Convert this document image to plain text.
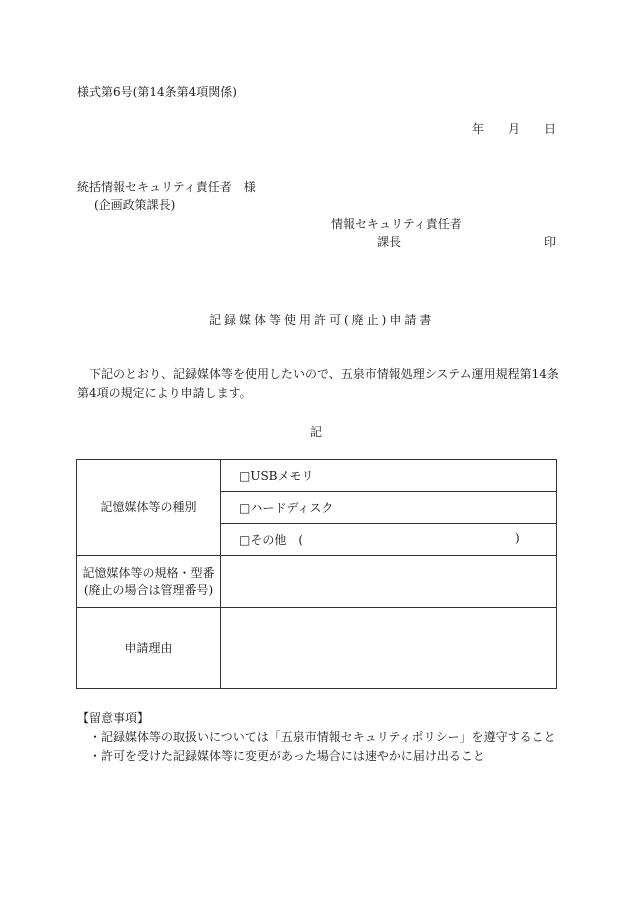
様式第6号(第14条第4項関係)
年 月 日
統括情報セキュリティ責任者　様
(企画政策課長)
情報セキュリティ責任者
課長	印
記録媒体等使用許可(廃止)申請書
下記のとおり、記録媒体等を使用したいので、五泉市情報処理システム運用規程第14条
第4項の規定により申請します。
記
記憶媒体等の種別	□USBメモリ
	□ハードディスク
	□その他　( )

記憶媒体等の規格・型番
(廃止の場合は管理番号)	

申請理由	
【留意事項】
・記録媒体等の取扱いについては「五泉市情報セキュリティポリシー」を遵守すること
・許可を受けた記録媒体等に変更があった場合には速やかに届け出ること
